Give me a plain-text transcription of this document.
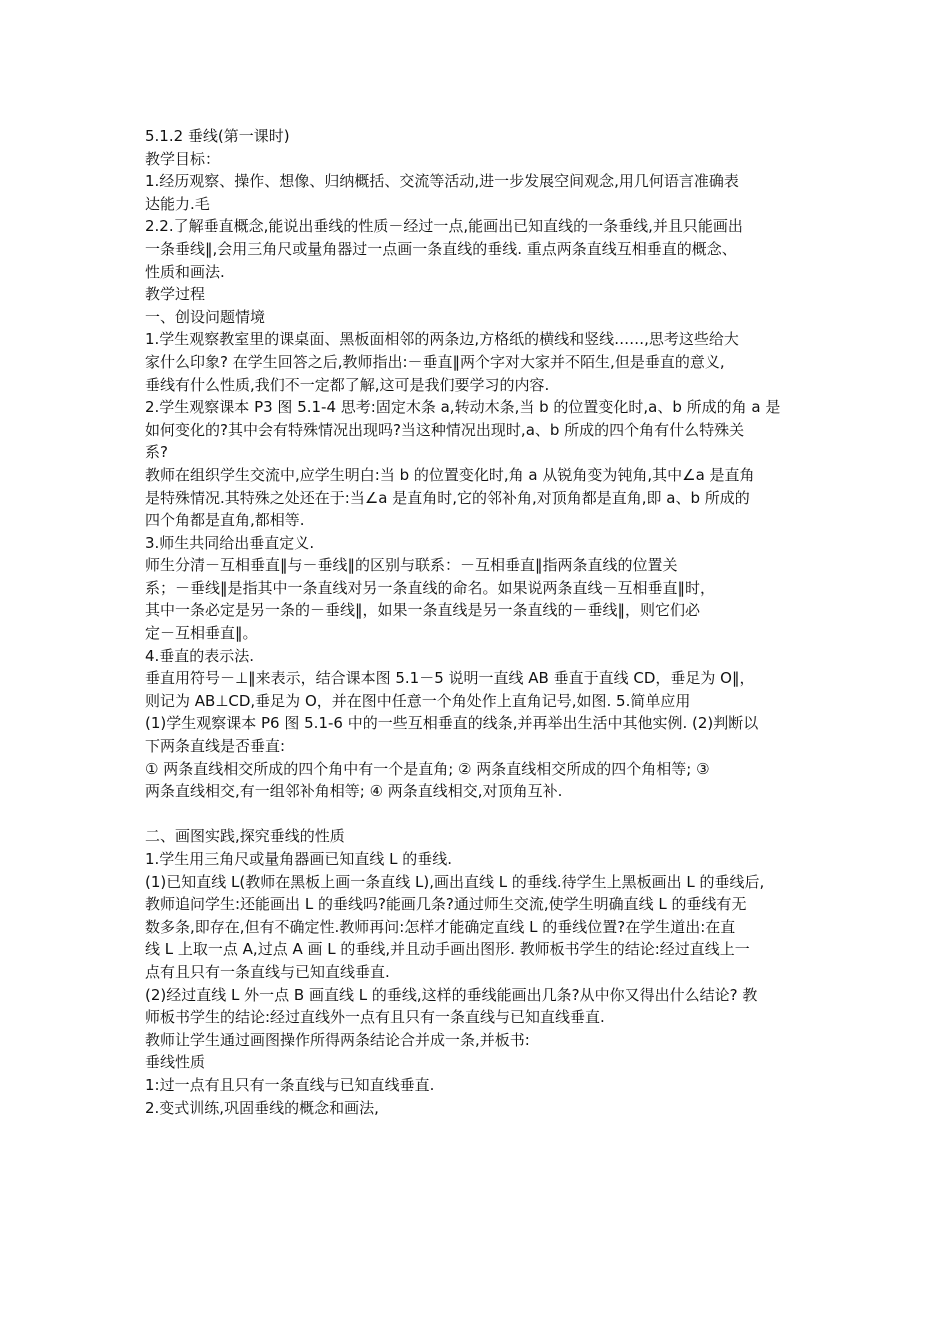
5.1.2 垂线(第一课时)
教学目标：
1.经历观察、操作、想像、归纳概括、交流等活动,进一步发展空间观念,用几何语言准确表
达能力.毛
2.2.了解垂直概念,能说出垂线的性质－经过一点,能画出已知直线的一条垂线,并且只能画出
一条垂线‖,会用三角尺或量角器过一点画一条直线的垂线. 重点两条直线互相垂直的概念、
性质和画法.
教学过程
一、创设问题情境
1.学生观察教室里的课桌面、黑板面相邻的两条边,方格纸的横线和竖线……,思考这些给大
家什么印象? 在学生回答之后,教师指出:－垂直‖两个字对大家并不陌生,但是垂直的意义,
垂线有什么性质,我们不一定都了解,这可是我们要学习的内容.
2.学生观察课本 P3 图 5.1-4 思考:固定木条 a,转动木条,当 b 的位置变化时,a、b 所成的角 a 是
如何变化的?其中会有特殊情况出现吗?当这种情况出现时,a、b 所成的四个角有什么特殊关
系?
教师在组织学生交流中,应学生明白:当 b 的位置变化时,角 a 从锐角变为钝角,其中∠a 是直角
是特殊情况.其特殊之处还在于:当∠a 是直角时,它的邻补角,对顶角都是直角,即 a、b 所成的
四个角都是直角,都相等.
3.师生共同给出垂直定义.
师生分清－互相垂直‖与－垂线‖的区别与联系：－互相垂直‖指两条直线的位置关
系；－垂线‖是指其中一条直线对另一条直线的命名。如果说两条直线－互相垂直‖时，
其中一条必定是另一条的－垂线‖，如果一条直线是另一条直线的－垂线‖，则它们必
定－互相垂直‖。
4.垂直的表示法.
垂直用符号－⊥‖来表示，结合课本图 5.1－5 说明一直线 AB 垂直于直线 CD，垂足为 O‖，
则记为 AB⊥CD,垂足为 O，并在图中任意一个角处作上直角记号,如图. 5.简单应用
(1)学生观察课本 P6 图 5.1-6 中的一些互相垂直的线条,并再举出生活中其他实例. (2)判断以
下两条直线是否垂直:
① 两条直线相交所成的四个角中有一个是直角; ② 两条直线相交所成的四个角相等; ③
两条直线相交,有一组邻补角相等; ④ 两条直线相交,对顶角互补.
二、画图实践,探究垂线的性质
1.学生用三角尺或量角器画已知直线 L 的垂线.
(1)已知直线 L(教师在黑板上画一条直线 L),画出直线 L 的垂线.待学生上黑板画出 L 的垂线后,
教师追问学生:还能画出 L 的垂线吗?能画几条?通过师生交流,使学生明确直线 L 的垂线有无
数多条,即存在,但有不确定性.教师再问:怎样才能确定直线 L 的垂线位置?在学生道出:在直
线 L 上取一点 A,过点 A 画 L 的垂线,并且动手画出图形. 教师板书学生的结论:经过直线上一
点有且只有一条直线与已知直线垂直.
(2)经过直线 L 外一点 B 画直线 L 的垂线,这样的垂线能画出几条?从中你又得出什么结论? 教
师板书学生的结论:经过直线外一点有且只有一条直线与已知直线垂直.
教师让学生通过画图操作所得两条结论合并成一条,并板书:
垂线性质
1:过一点有且只有一条直线与已知直线垂直.
2.变式训练,巩固垂线的概念和画法,
